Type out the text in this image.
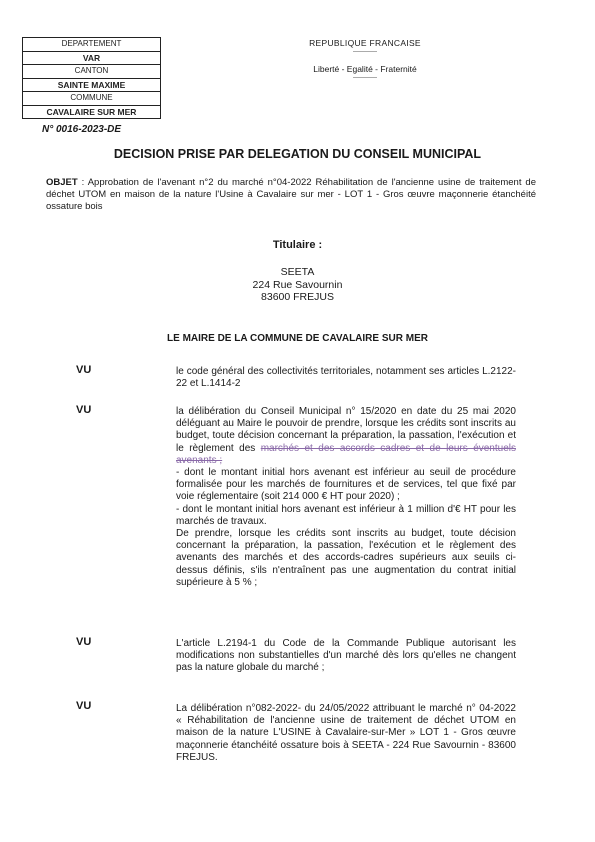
DEPARTEMENT
VAR
CANTON
SAINTE MAXIME
COMMUNE
CAVALAIRE SUR MER
REPUBLIQUE FRANCAISE
------------
Liberté - Egalité - Fraternité
------------
N° 0016-2023-DE
DECISION PRISE PAR DELEGATION DU CONSEIL MUNICIPAL
OBJET : Approbation de l'avenant n°2 du marché n°04-2022 Réhabilitation de l'ancienne usine de traitement de déchet UTOM en maison de la nature l'Usine à Cavalaire sur mer - LOT 1 - Gros œuvre maçonnerie étanchéité ossature bois
Titulaire :
SEETA
224 Rue Savournin
83600 FREJUS
LE MAIRE DE LA COMMUNE DE CAVALAIRE SUR MER
VU	le code général des collectivités territoriales, notamment ses articles L.2122-22 et L.1414-2

VU	la délibération du Conseil Municipal n° 15/2020 en date du 25 mai 2020 déléguant au Maire le pouvoir de prendre, lorsque les crédits sont inscrits au budget, toute décision concernant la préparation, la passation, l'exécution et le règlement des marchés et des accords cadres et de leurs éventuels avenants ;

- dont le montant initial hors avenant est inférieur au seuil de procédure formalisée pour les marchés de fournitures et de services, tel que fixé par voie réglementaire (soit 214 000 € HT pour 2020) ;

- dont le montant initial hors avenant est inférieur à 1 million d'€ HT pour les marchés de travaux.

De prendre, lorsque les crédits sont inscrits au budget, toute décision concernant la préparation, la passation, l'exécution et le règlement des avenants des marchés et des accords-cadres supérieurs aux seuils ci-dessus définis, s'ils n'entraînent pas une augmentation du contrat initial supérieure à 5 % ;

VU	L'article L.2194-1 du Code de la Commande Publique autorisant les modifications non substantielles d'un marché dès lors qu'elles ne changent pas la nature globale du marché ;

VU	La délibération n°082-2022- du 24/05/2022 attribuant le marché n° 04-2022 « Réhabilitation de l'ancienne usine de traitement de déchet UTOM en maison de la nature L'USINE à Cavalaire-sur-Mer » LOT 1 - Gros œuvre maçonnerie étanchéité ossature bois à SEETA - 224 Rue Savournin - 83600 FREJUS.
